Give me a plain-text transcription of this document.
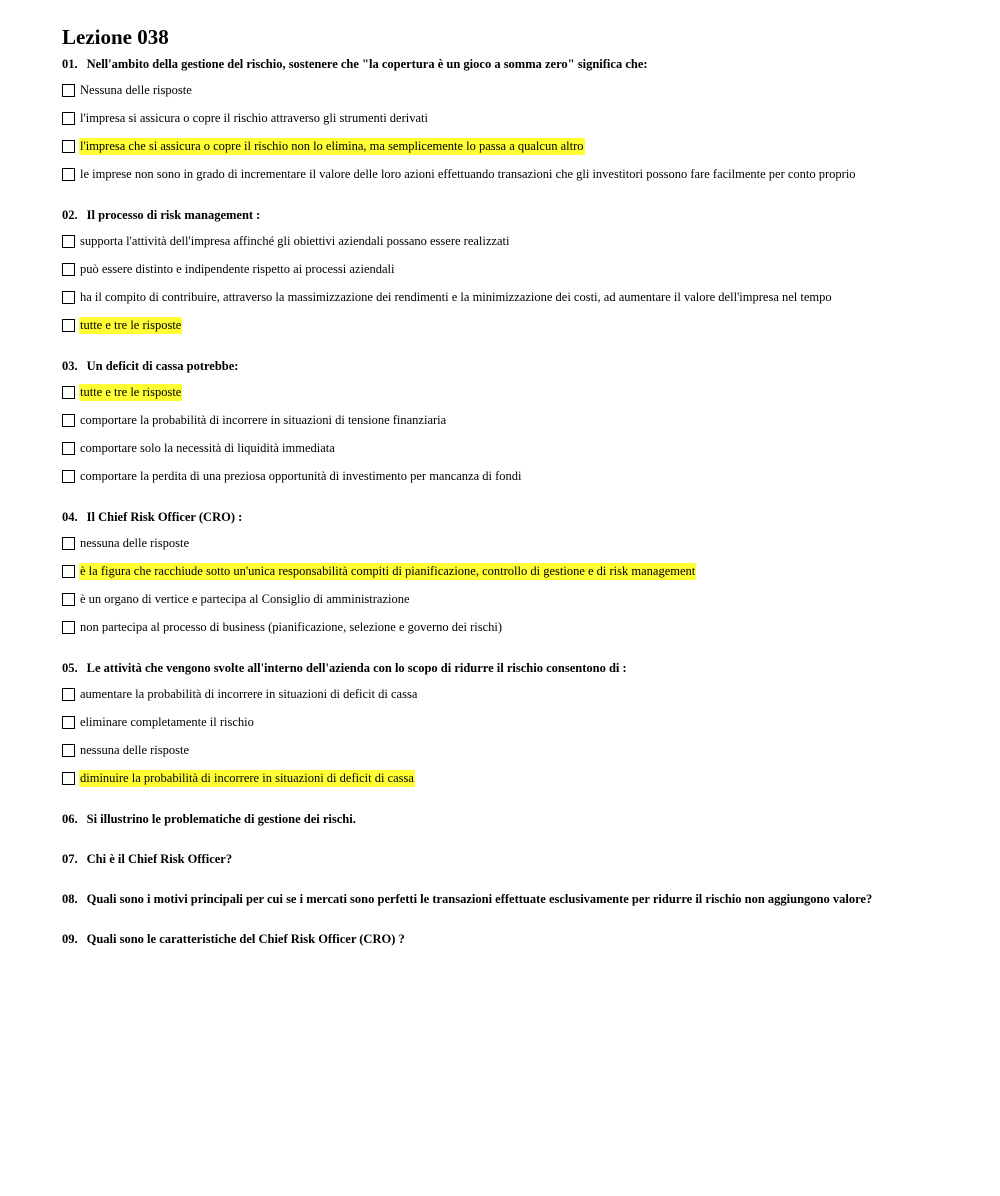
Lezione 038
01. Nell'ambito della gestione del rischio, sostenere che "la copertura è un gioco a somma zero" significa che:
Nessuna delle risposte
l'impresa si assicura o copre il rischio attraverso gli strumenti derivati
l'impresa che si assicura o copre il rischio non lo elimina, ma semplicemente lo passa a qualcun altro
le imprese non sono in grado di incrementare il valore delle loro azioni effettuando transazioni che gli investitori possono fare facilmente per conto proprio
02. Il processo di risk management :
supporta l'attività dell'impresa affinché gli obiettivi aziendali possano essere realizzati
può essere distinto e indipendente rispetto ai processi aziendali
ha il compito di contribuire, attraverso la massimizzazione dei rendimenti e la minimizzazione dei costi, ad aumentare il valore dell'impresa nel tempo
tutte e tre le risposte
03. Un deficit di cassa potrebbe:
tutte e tre le risposte
comportare la probabilità di incorrere in situazioni di tensione finanziaria
comportare solo la necessità di liquidità immediata
comportare la perdita di una preziosa opportunità di investimento per mancanza di fondi
04. Il Chief Risk Officer (CRO) :
nessuna delle risposte
è la figura che racchiude sotto un'unica responsabilità compiti di pianificazione, controllo di gestione e di risk management
è un organo di vertice e partecipa al Consiglio di amministrazione
non partecipa al processo di business (pianificazione, selezione e governo dei rischi)
05. Le attività che vengono svolte all'interno dell'azienda con lo scopo di ridurre il rischio consentono di :
aumentare la probabilità di incorrere in situazioni di deficit di cassa
eliminare completamente il rischio
nessuna delle risposte
diminuire la probabilità di incorrere in situazioni di deficit di cassa
06. Si illustrino le problematiche di gestione dei rischi.
07. Chi è il Chief Risk Officer?
08. Quali sono i motivi principali per cui se i mercati sono perfetti le transazioni effettuate esclusivamente per ridurre il rischio non aggiungono valore?
09. Quali sono le caratteristiche del Chief Risk Officer (CRO) ?
